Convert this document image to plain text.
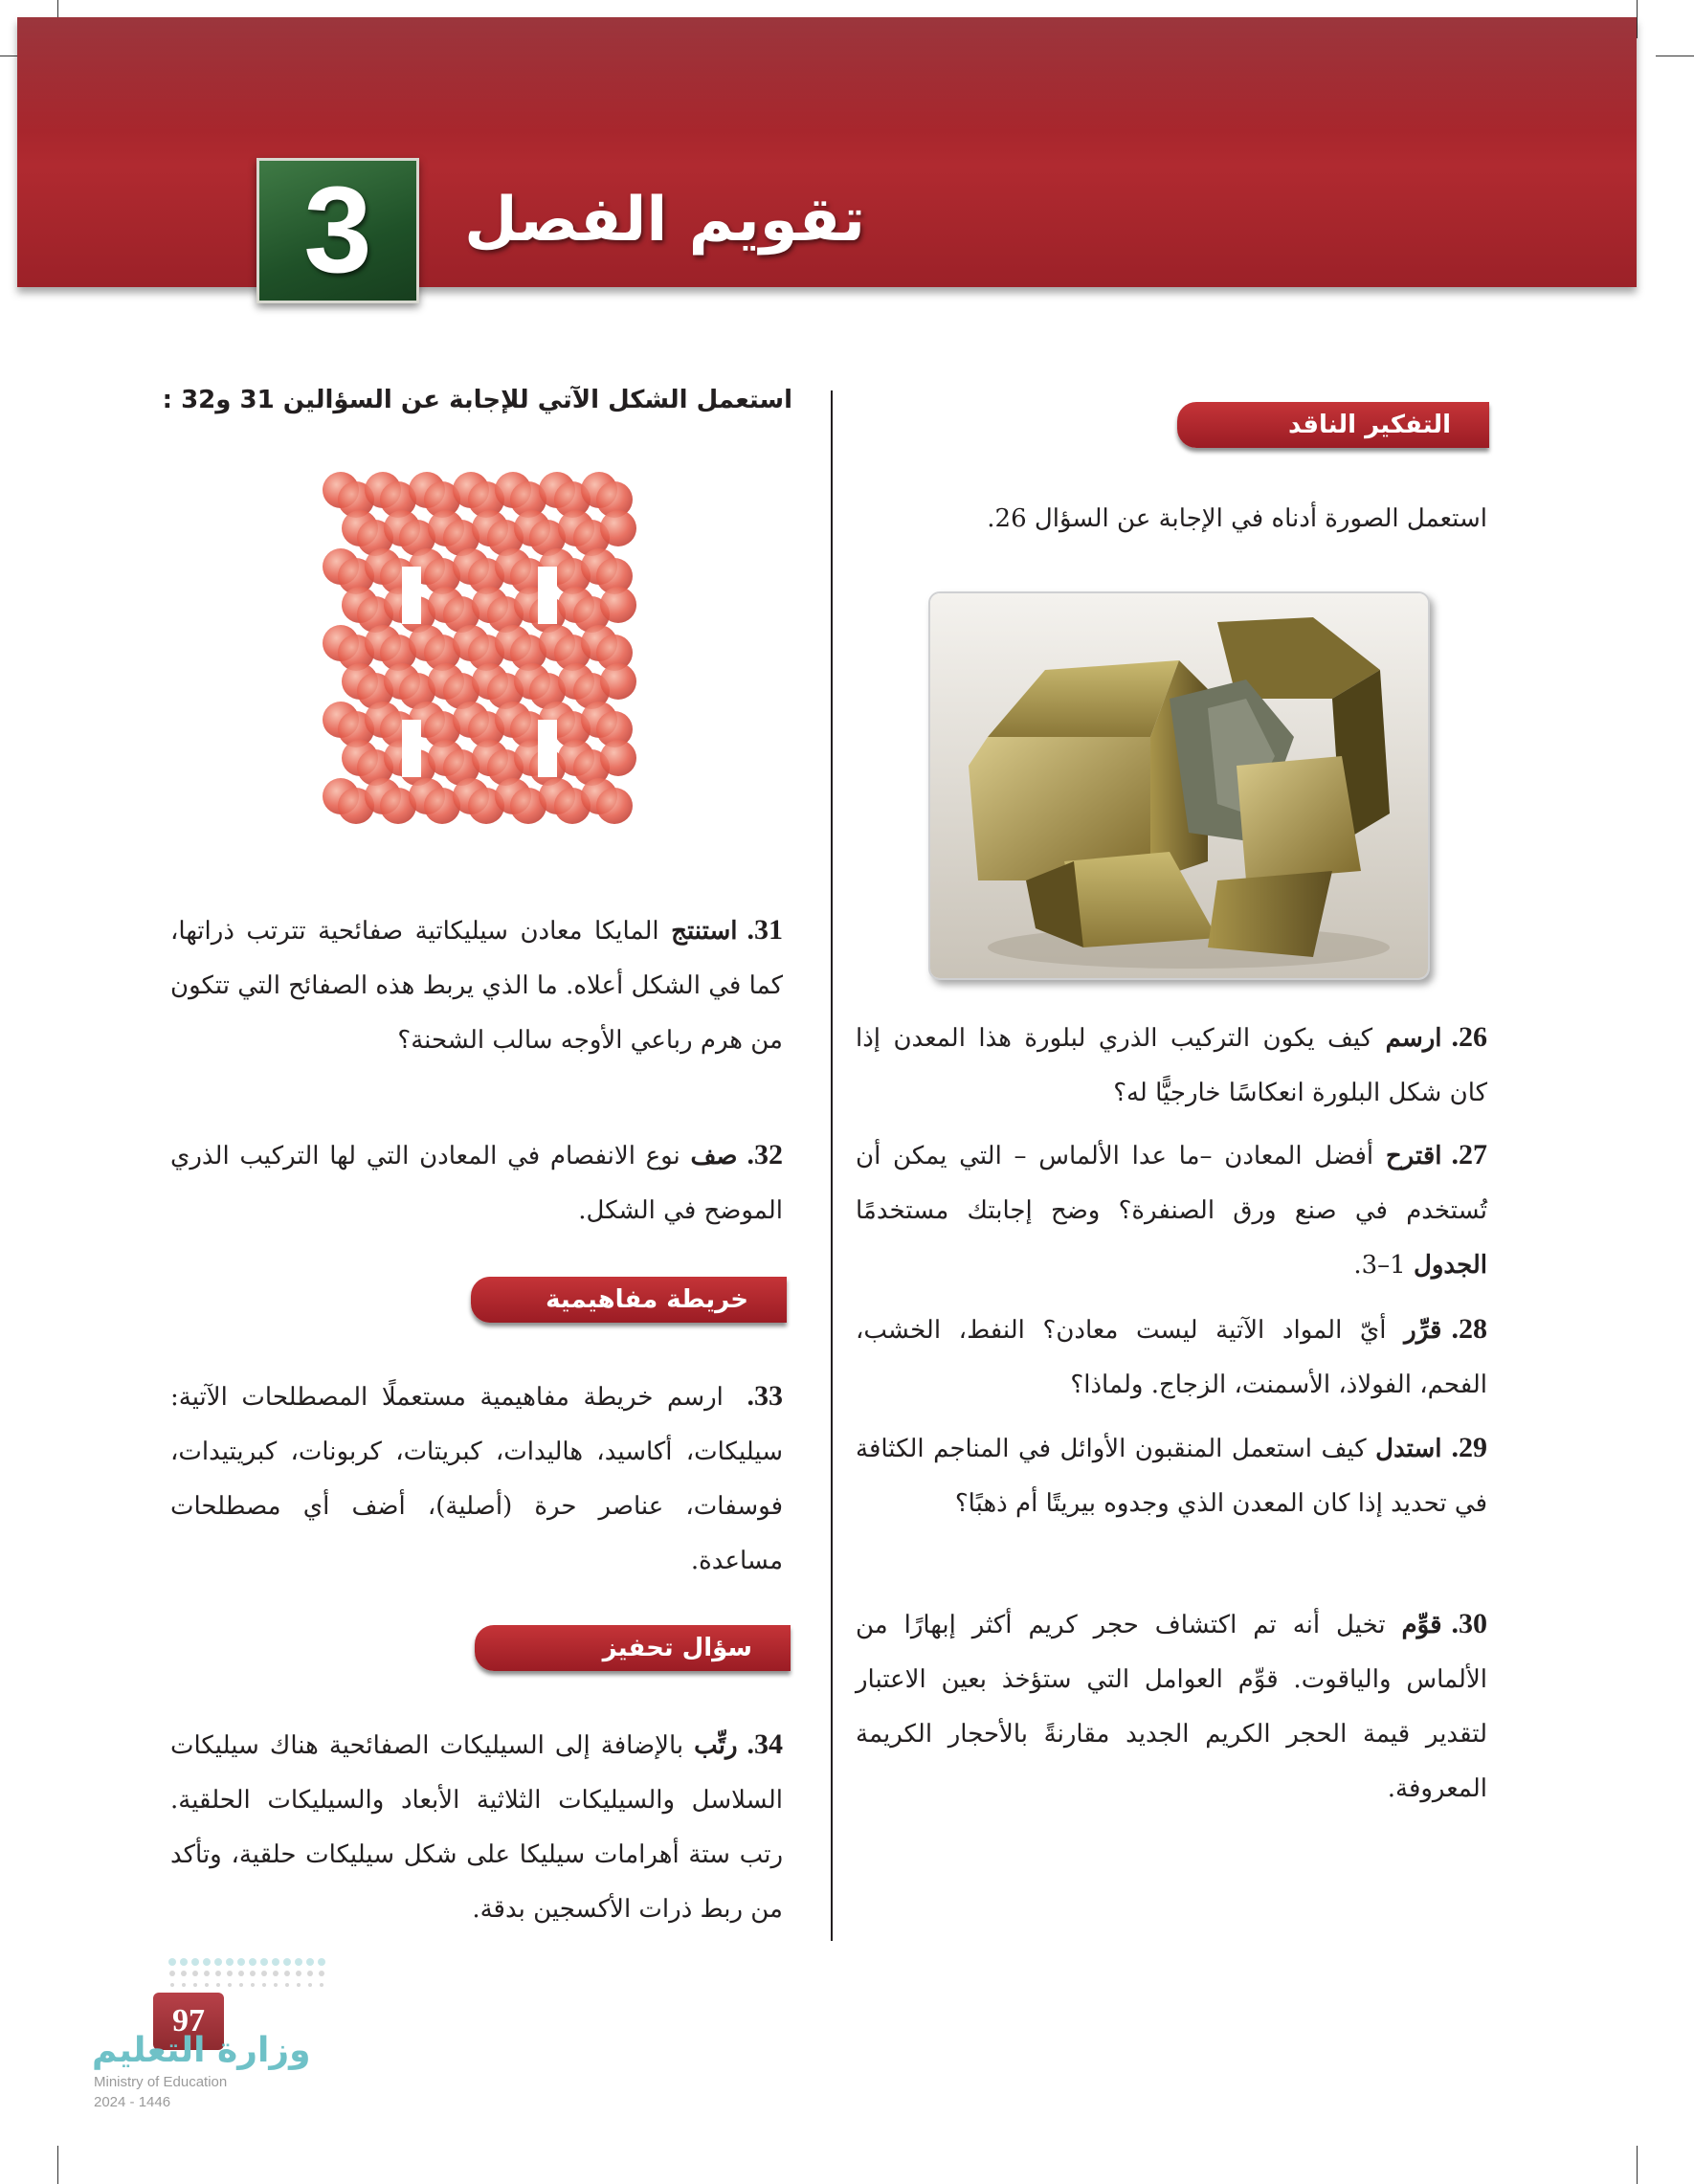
تقويم الفصل
3
التفكير الناقد
استعمل الصورة أدناه في الإجابة عن السؤال 26.
26.ارسم كيف يكون التركيب الذري لبلورة هذا المعدن إذا كان شكل البلورة انعكاسًا خارجيًّا له؟
27.اقترح أفضل المعادن –ما عدا الألماس – التي يمكن أن تُستخدم في صنع ورق الصنفرة؟ وضح إجابتك مستخدمًا الجدول 1–3.
28.قرِّر أيّ المواد الآتية ليست معادن؟ النفط، الخشب، الفحم، الفولاذ، الأسمنت، الزجاج. ولماذا؟
29.استدل كيف استعمل المنقبون الأوائل في المناجم الكثافة في تحديد إذا كان المعدن الذي وجدوه بيريتًا أم ذهبًا؟
30.قوِّم تخيل أنه تم اكتشاف حجر كريم أكثر إبهارًا من الألماس والياقوت. قوِّم العوامل التي ستؤخذ بعين الاعتبار لتقدير قيمة الحجر الكريم الجديد مقارنةً بالأحجار الكريمة المعروفة.
استعمل الشكل الآتي للإجابة عن السؤالين 31 و32 :
31.استنتج المايكا معادن سيليكاتية صفائحية تترتب ذراتها، كما في الشكل أعلاه. ما الذي يربط هذه الصفائح التي تتكون من هرم رباعي الأوجه سالب الشحنة؟
32.صف نوع الانفصام في المعادن التي لها التركيب الذري الموضح في الشكل.
خريطة مفاهيمية
33. ارسم خريطة مفاهيمية مستعملًا المصطلحات الآتية: سيليكات، أكاسيد، هاليدات، كبريتات، كربونات، كبريتيدات، فوسفات، عناصر حرة (أصلية)، أضف أي مصطلحات مساعدة.
سؤال تحفيز
34.رتِّب بالإضافة إلى السيليكات الصفائحية هناك سيليكات السلاسل والسيليكات الثلاثية الأبعاد والسيليكات الحلقية. رتب ستة أهرامات سيليكا على شكل سيليكات حلقية، وتأكد من ربط ذرات الأكسجين بدقة.
97
وزارة التعليم
Ministry of Education
2024 - 1446
